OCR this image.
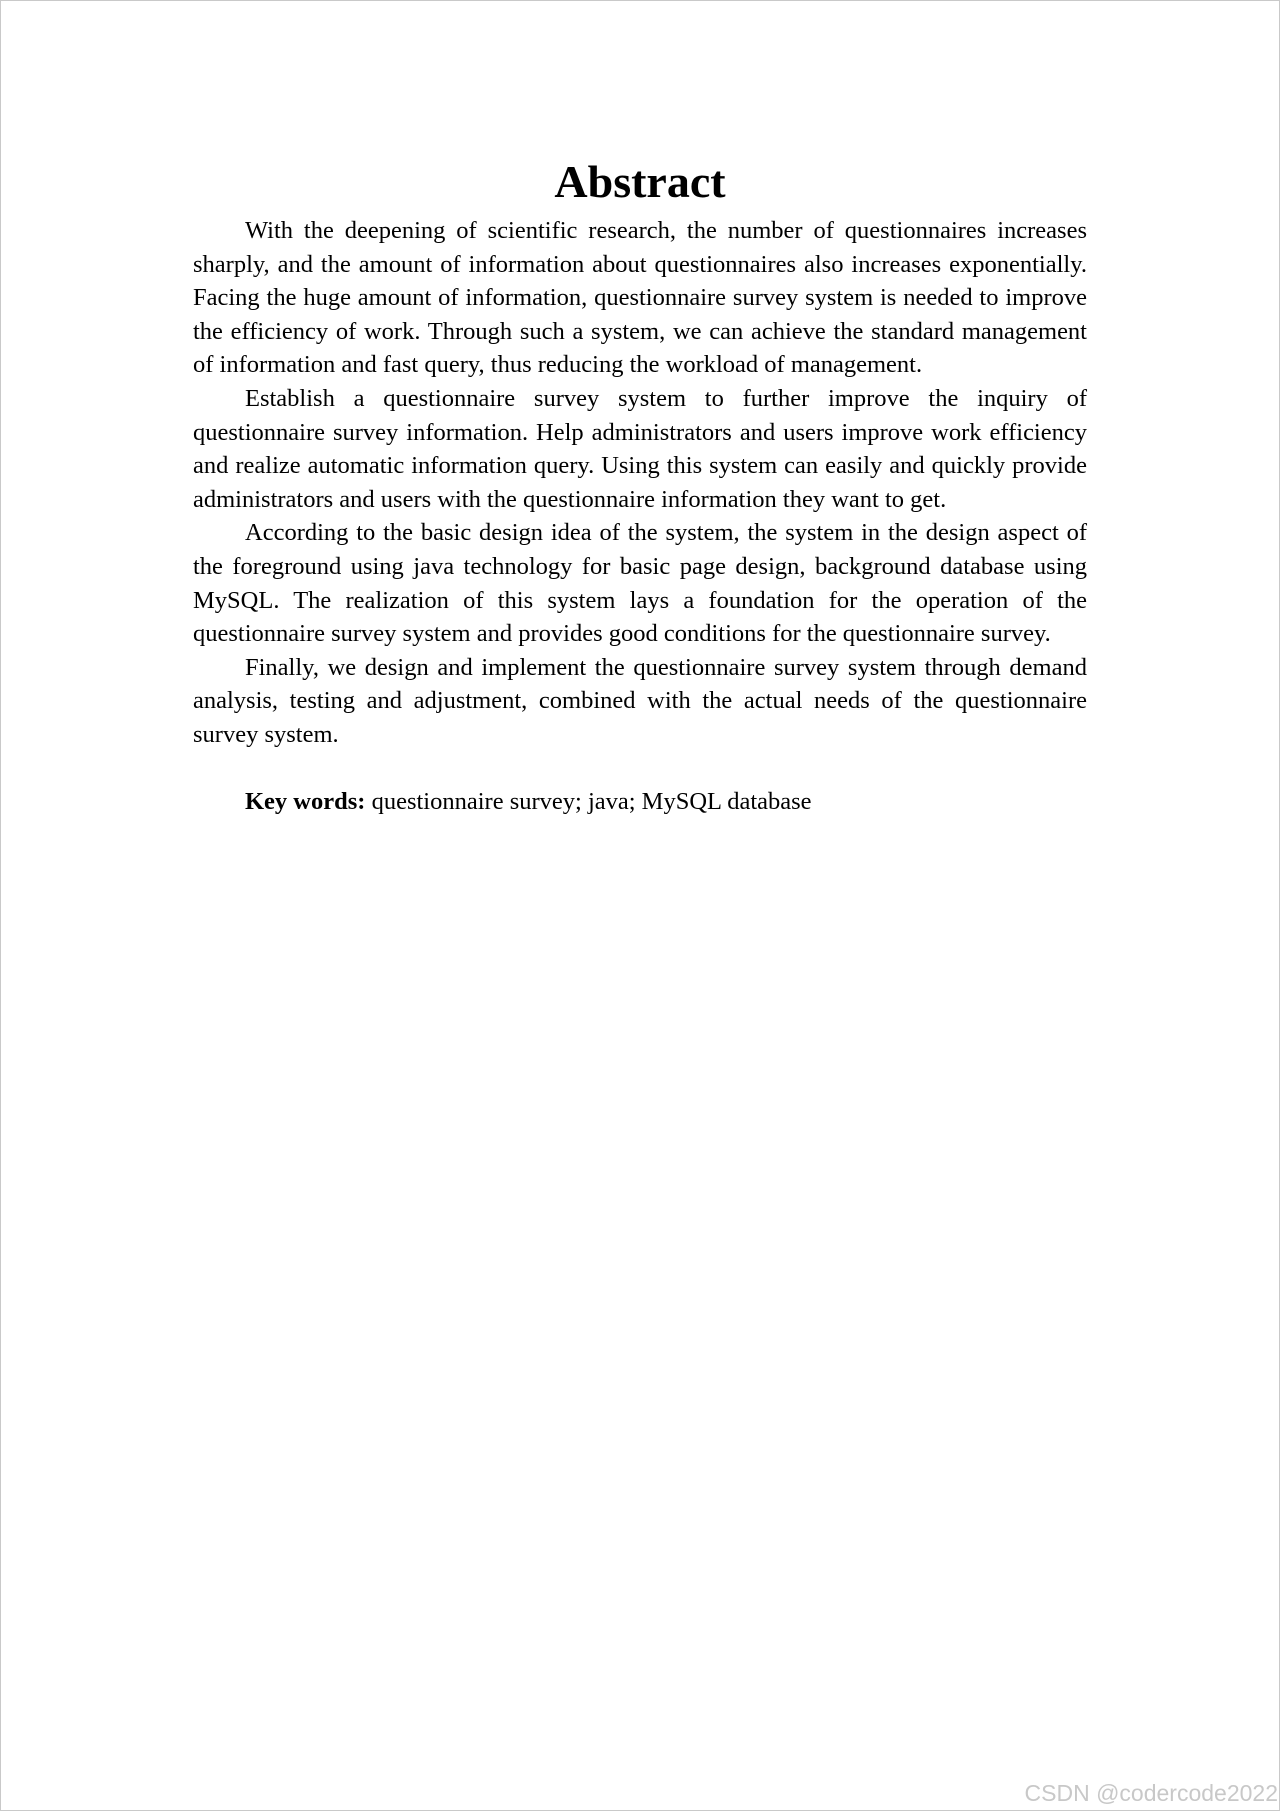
Abstract

With the deepening of scientific research, the number of questionnaires increases sharply, and the amount of information about questionnaires also increases exponentially. Facing the huge amount of information, questionnaire survey system is needed to improve the efficiency of work. Through such a system, we can achieve the standard management of information and fast query, thus reducing the workload of management.

Establish a questionnaire survey system to further improve the inquiry of questionnaire survey information. Help administrators and users improve work efficiency and realize automatic information query. Using this system can easily and quickly provide administrators and users with the questionnaire information they want to get.

According to the basic design idea of the system, the system in the design aspect of the foreground using java technology for basic page design, background database using MySQL. The realization of this system lays a foundation for the operation of the questionnaire survey system and provides good conditions for the questionnaire survey.

Finally, we design and implement the questionnaire survey system through demand analysis, testing and adjustment, combined with the actual needs of the questionnaire survey system.

Key words: questionnaire survey; java; MySQL database

CSDN @codercode2022
